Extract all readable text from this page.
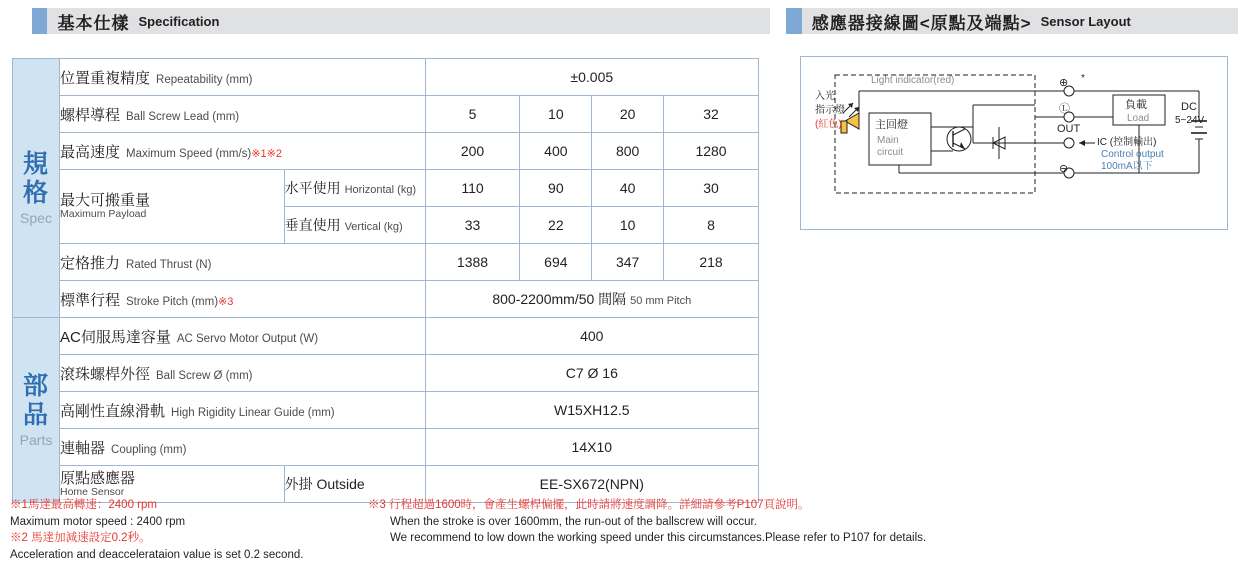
基本仕樣 Specification	感應器接線圖<原點及端點> Sensor Layout
規格
Spec	位置重複精度 Repeatability (mm)		±0.005			
	螺桿導程 Ball Screw Lead (mm)		5	10	20	32
	最高速度 Maximum Speed (mm/s)※1※2		200	400	800	1280
	最大可搬重量
Maximum Payload	水平使用 Horizontal (kg)	110	90	40	30
		垂直使用 Vertical (kg)	33	22	10	8
	定格推力 Rated Thrust (N)		1388	694	347	218
	標準行程 Stroke Pitch (mm)※3		800-2200mm/50 間隔 50 mm Pitch			

部品
Parts	AC伺服馬達容量 AC Servo Motor Output (W)		400			
	滾珠螺桿外徑 Ball Screw Ø (mm)		C7 Ø 16			
	高剛性直線滑軌 High Rigidity Linear Guide (mm)		W15XH12.5			
	連軸器 Coupling (mm)		14X10			
	原點感應器
Home Sensor	外掛 Outside	EE-SX672(NPN)			
Light indicator(red)
入光
指示燈
(紅色)	主回燈
Main
circuit
⊕ *
Ⓛ
OUT
⊖
IC (控制輸出)
Control output
100mA以下
負載
Load
DC
5~24V
※1馬達最高轉速：2400 rpm
Maximum motor speed : 2400 rpm
※2 馬達加減速設定0.2秒。
Acceleration and deaccelerataion value is set 0.2 second.
※3 行程超過1600時，會產生螺桿偏擺，此時請將速度調降。詳細請參考P107頁說明。
When the stroke is over 1600mm, the run-out of the ballscrew will occur.
We recommend to low down the working speed under this circumstances.Please refer to P107 for details.
